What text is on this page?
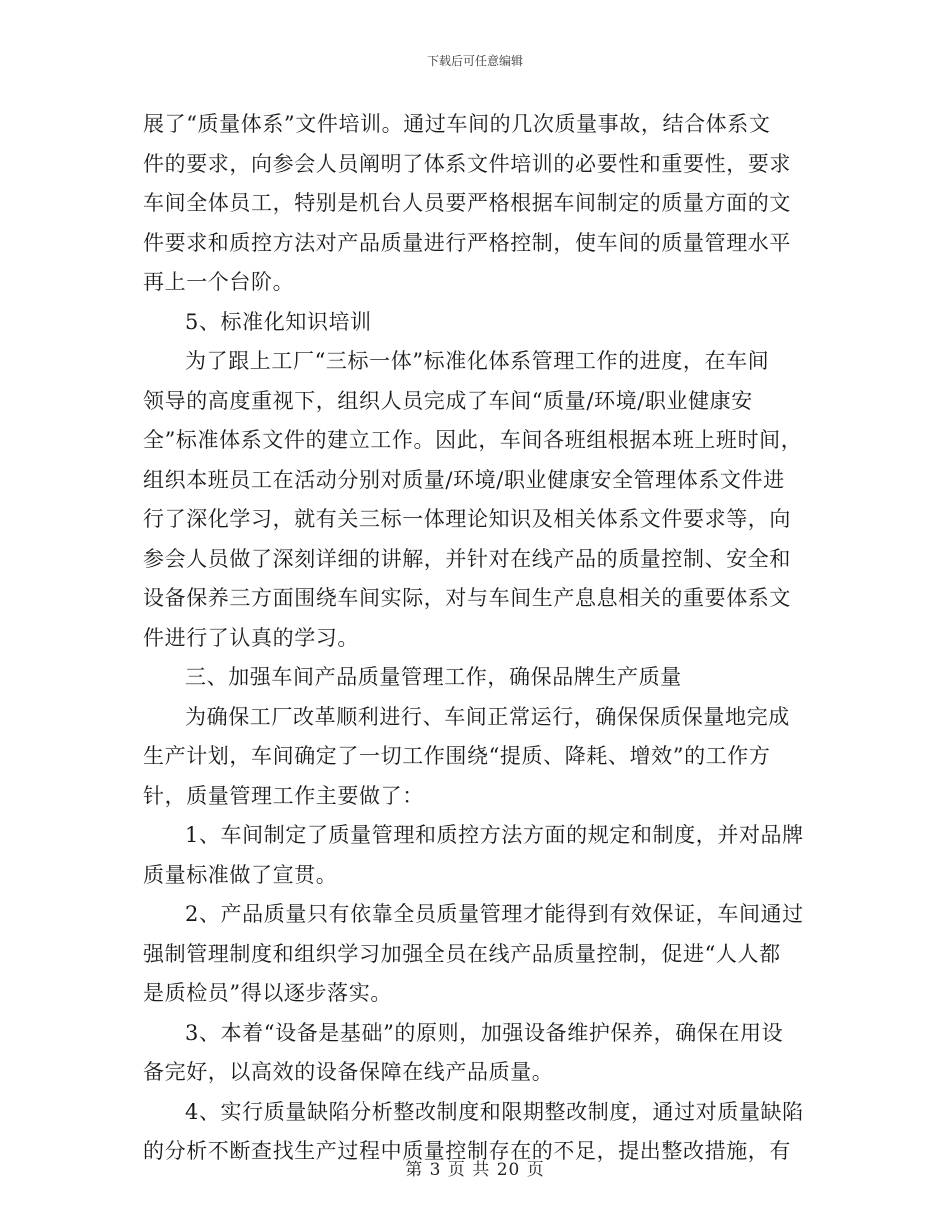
下载后可任意编辑
展了“质量体系”文件培训。通过车间的几次质量事故，结合体系文
件的要求，向参会人员阐明了体系文件培训的必要性和重要性，要求
车间全体员工，特别是机台人员要严格根据车间制定的质量方面的文
件要求和质控方法对产品质量进行严格控制，使车间的质量管理水平
再上一个台阶。
5、标准化知识培训
为了跟上工厂“三标一体”标准化体系管理工作的进度，在车间
领导的高度重视下，组织人员完成了车间“质量/环境/职业健康安
全”标准体系文件的建立工作。因此，车间各班组根据本班上班时间，
组织本班员工在活动分别对质量/环境/职业健康安全管理体系文件进
行了深化学习，就有关三标一体理论知识及相关体系文件要求等，向
参会人员做了深刻详细的讲解，并针对在线产品的质量控制、安全和
设备保养三方面围绕车间实际，对与车间生产息息相关的重要体系文
件进行了认真的学习。
三、加强车间产品质量管理工作，确保品牌生产质量
为确保工厂改革顺利进行、车间正常运行，确保保质保量地完成
生产计划，车间确定了一切工作围绕“提质、降耗、增效”的工作方
针，质量管理工作主要做了：
1、车间制定了质量管理和质控方法方面的规定和制度，并对品牌
质量标准做了宣贯。
2、产品质量只有依靠全员质量管理才能得到有效保证，车间通过
强制管理制度和组织学习加强全员在线产品质量控制，促进“人人都
是质检员”得以逐步落实。
3、本着“设备是基础”的原则，加强设备维护保养，确保在用设
备完好，以高效的设备保障在线产品质量。
4、实行质量缺陷分析整改制度和限期整改制度，通过对质量缺陷
的分析不断查找生产过程中质量控制存在的不足，提出整改措施，有
第 3 页 共 20 页
